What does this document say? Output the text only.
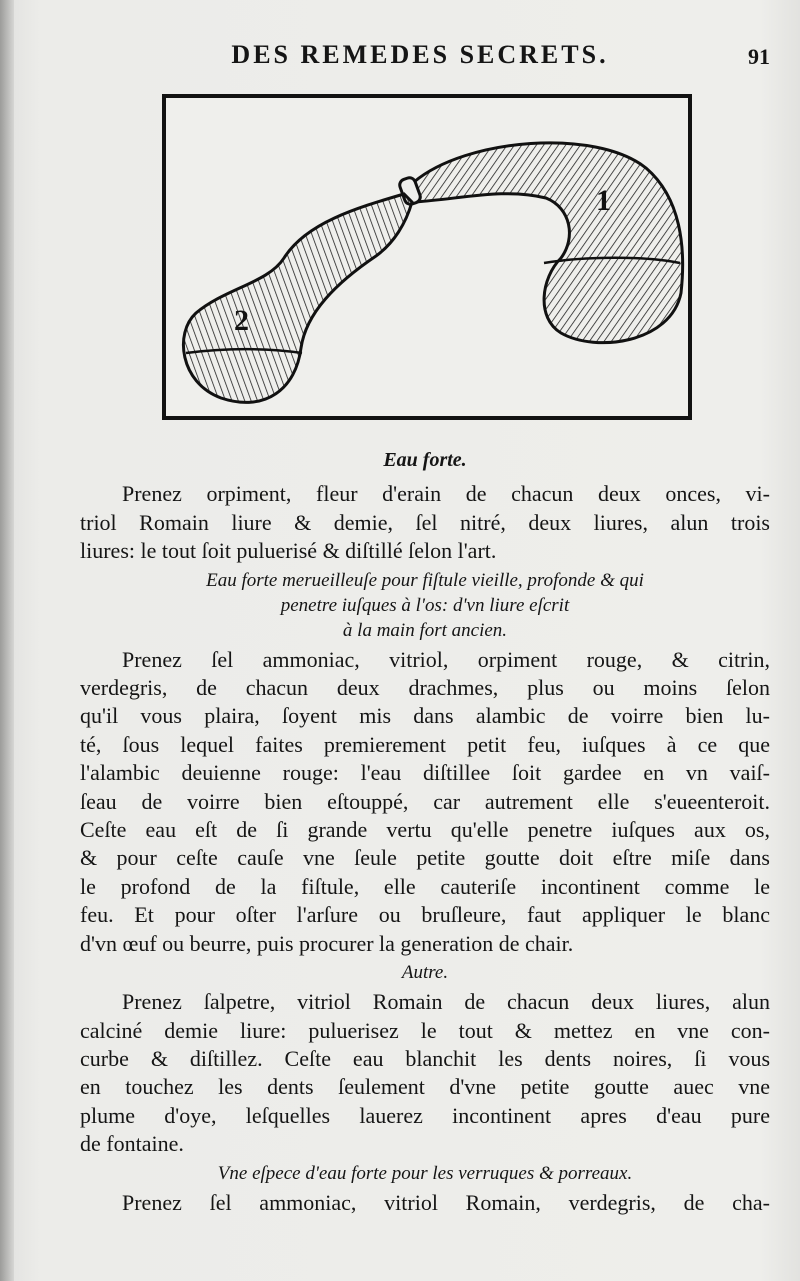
DES REMEDES SECRETS.	91
1
2
Eau forte.
Prenez orpiment, fleur d'erain de chacun deux onces, vi-
triol Romain liure & demie, ſel nitré, deux liures, alun trois
liures: le tout ſoit puluerisé & diſtillé ſelon l'art.
Eau forte merueilleuſe pour fiſtule vieille, profonde & qui
penetre iuſques à l'os: d'vn liure eſcrit
à la main fort ancien.
Prenez ſel ammoniac, vitriol, orpiment rouge, & citrin,
verdegris, de chacun deux drachmes, plus ou moins ſelon
qu'il vous plaira, ſoyent mis dans alambic de voirre bien lu-
té, ſous lequel faites premierement petit feu, iuſques à ce que
l'alambic deuienne rouge: l'eau diſtillee ſoit gardee en vn vaiſ-
ſeau de voirre bien eſtouppé, car autrement elle s'eueenteroit.
Ceſte eau eſt de ſi grande vertu qu'elle penetre iuſques aux os,
& pour ceſte cauſe vne ſeule petite goutte doit eſtre miſe dans
le profond de la fiſtule, elle cauteriſe incontinent comme le
feu. Et pour oſter l'arſure ou bruſleure, faut appliquer le blanc
d'vn œuf ou beurre, puis procurer la generation de chair.
Autre.
Prenez ſalpetre, vitriol Romain de chacun deux liures, alun
calciné demie liure: puluerisez le tout & mettez en vne con-
curbe & diſtillez. Ceſte eau blanchit les dents noires, ſi vous
en touchez les dents ſeulement d'vne petite goutte auec vne
plume d'oye, leſquelles lauerez incontinent apres d'eau pure
de fontaine.
Vne eſpece d'eau forte pour les verruques & porreaux.
Prenez ſel ammoniac, vitriol Romain, verdegris, de cha-
